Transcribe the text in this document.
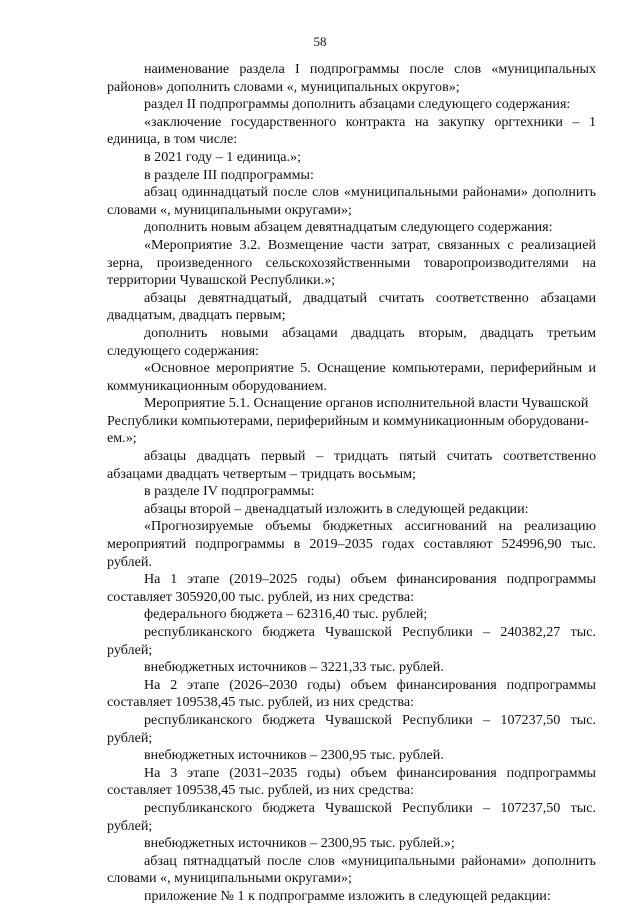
58

наименование раздела I подпрограммы после слов «муниципальных районов» дополнить словами «, муниципальных округов»;

раздел II подпрограммы дополнить абзацами следующего содержания:

«заключение государственного контракта на закупку оргтехники – 1 единица, в том числе:

в 2021 году – 1 единица.»;

в разделе III подпрограммы:

абзац одиннадцатый после слов «муниципальными районами» дополнить словами «, муниципальными округами»;

дополнить новым абзацем девятнадцатым следующего содержания:

«Мероприятие 3.2. Возмещение части затрат, связанных с реализацией зерна, произведенного сельскохозяйственными товаропроизводителями на территории Чувашской Республики.»;

абзацы девятнадцатый, двадцатый считать соответственно абзацами двадцатым, двадцать первым;

дополнить новыми абзацами двадцать вторым, двадцать третьим следующего содержания:

«Основное мероприятие 5. Оснащение компьютерами, периферийным и коммуникационным оборудованием.

Мероприятие 5.1. Оснащение органов исполнительной власти Чувашской
Республики компьютерами, периферийным и коммуникационным оборудовани-
ем.»;

абзацы двадцать первый – тридцать пятый считать соответственно абзацами двадцать четвертым – тридцать восьмым;

в разделе IV подпрограммы:

абзацы второй – двенадцатый изложить в следующей редакции:

«Прогнозируемые объемы бюджетных ассигнований на реализацию мероприятий подпрограммы в 2019–2035 годах составляют 524996,90 тыс. рублей.

На 1 этапе (2019–2025 годы) объем финансирования подпрограммы составляет 305920,00 тыс. рублей, из них средства:

федерального бюджета – 62316,40 тыс. рублей;

республиканского бюджета Чувашской Республики – 240382,27 тыс. рублей;

внебюджетных источников – 3221,33 тыс. рублей.

На 2 этапе (2026–2030 годы) объем финансирования подпрограммы составляет 109538,45 тыс. рублей, из них средства:

республиканского бюджета Чувашской Республики – 107237,50 тыс. рублей;

внебюджетных источников – 2300,95 тыс. рублей.

На 3 этапе (2031–2035 годы) объем финансирования подпрограммы составляет 109538,45 тыс. рублей, из них средства:

республиканского бюджета Чувашской Республики – 107237,50 тыс. рублей;

внебюджетных источников – 2300,95 тыс. рублей.»;

абзац пятнадцатый после слов «муниципальными районами» дополнить словами «, муниципальными округами»;

приложение № 1 к подпрограмме изложить в следующей редакции:
